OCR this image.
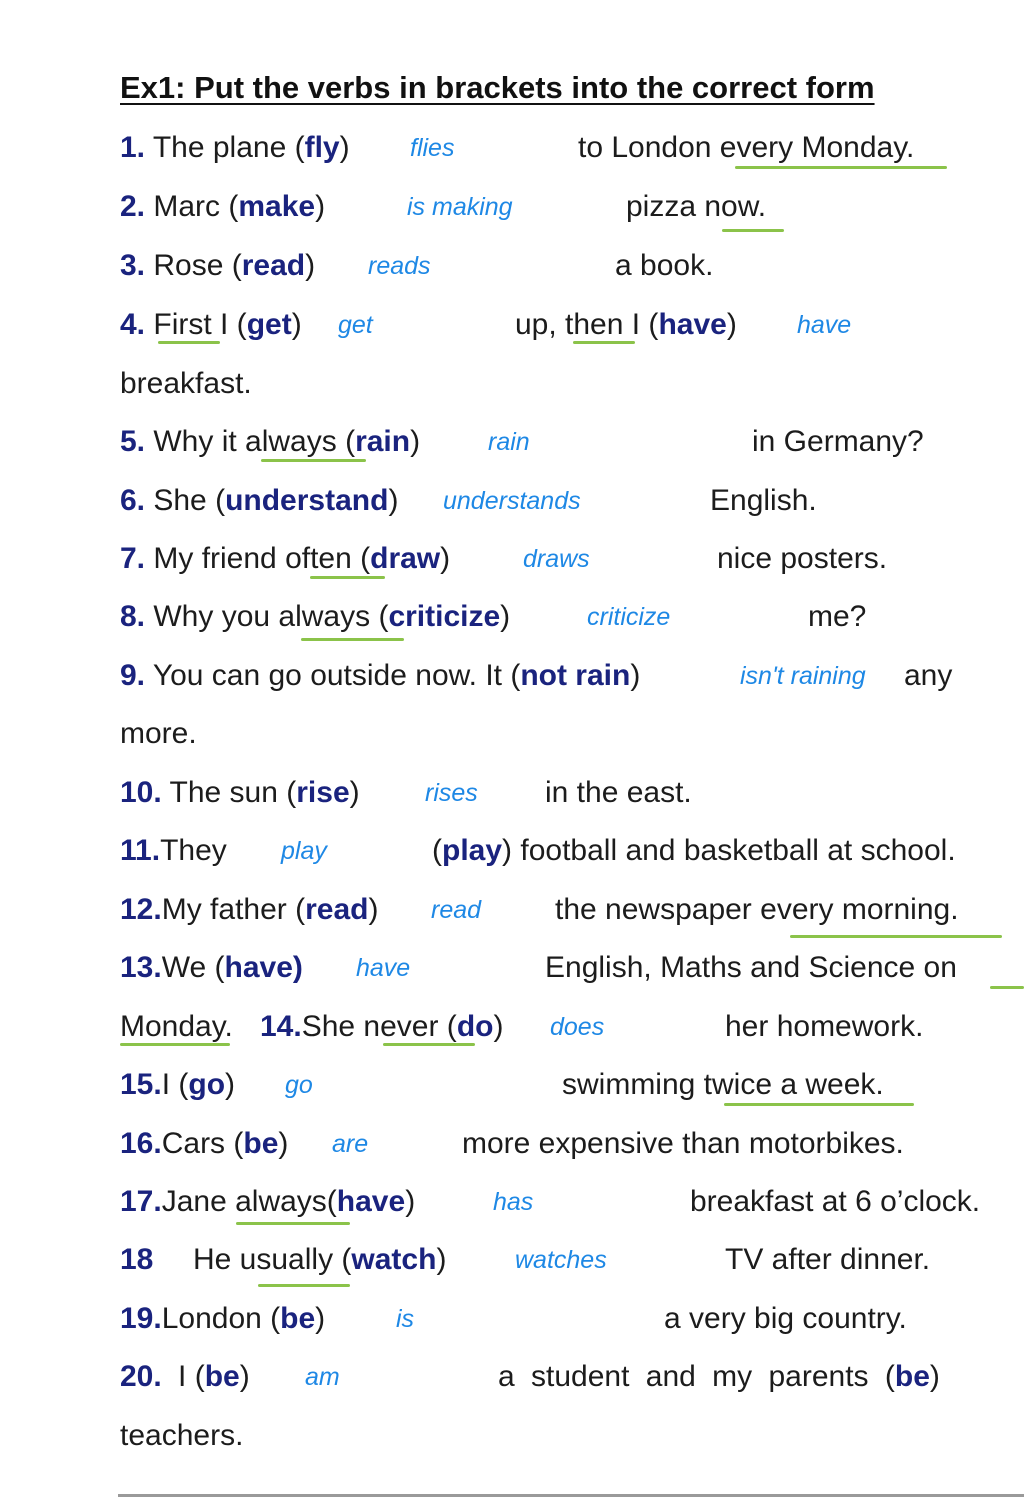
Ex1: Put the verbs in brackets into the correct form
1. The plane (fly) flies	to London every Monday.
2. Marc (make)	is making	pizza now.
3. Rose (read) reads	a book.
4. First I (get) get	up, then I (have) have
breakfast.
5. Why it always (rain)	rain	in Germany?
6. She (understand) understands	English.
7. My friend often (draw)	draws	nice posters.
8. Why you always (criticize)	criticize	me?
9. You can go outside now. It (not rain)	isn't raining any
more.
10. The sun (rise)	rises in the east.
11.They play	(play) football and basketball at school.
12.My father (read) read the newspaper every morning.
13.We (have) have	English, Maths and Science on
Monday. 14.She never (do) does	her homework.
15.I (go) go	swimming twice a week.
16.Cars (be) are	more expensive than motorbikes.
17.Jane always(have)	has	breakfast at 6 o’clock.
18 He usually (watch)	watches	TV after dinner.
19.London (be)	is	a very big country.
20. I (be) am	a student and my parents (be)
teachers.
